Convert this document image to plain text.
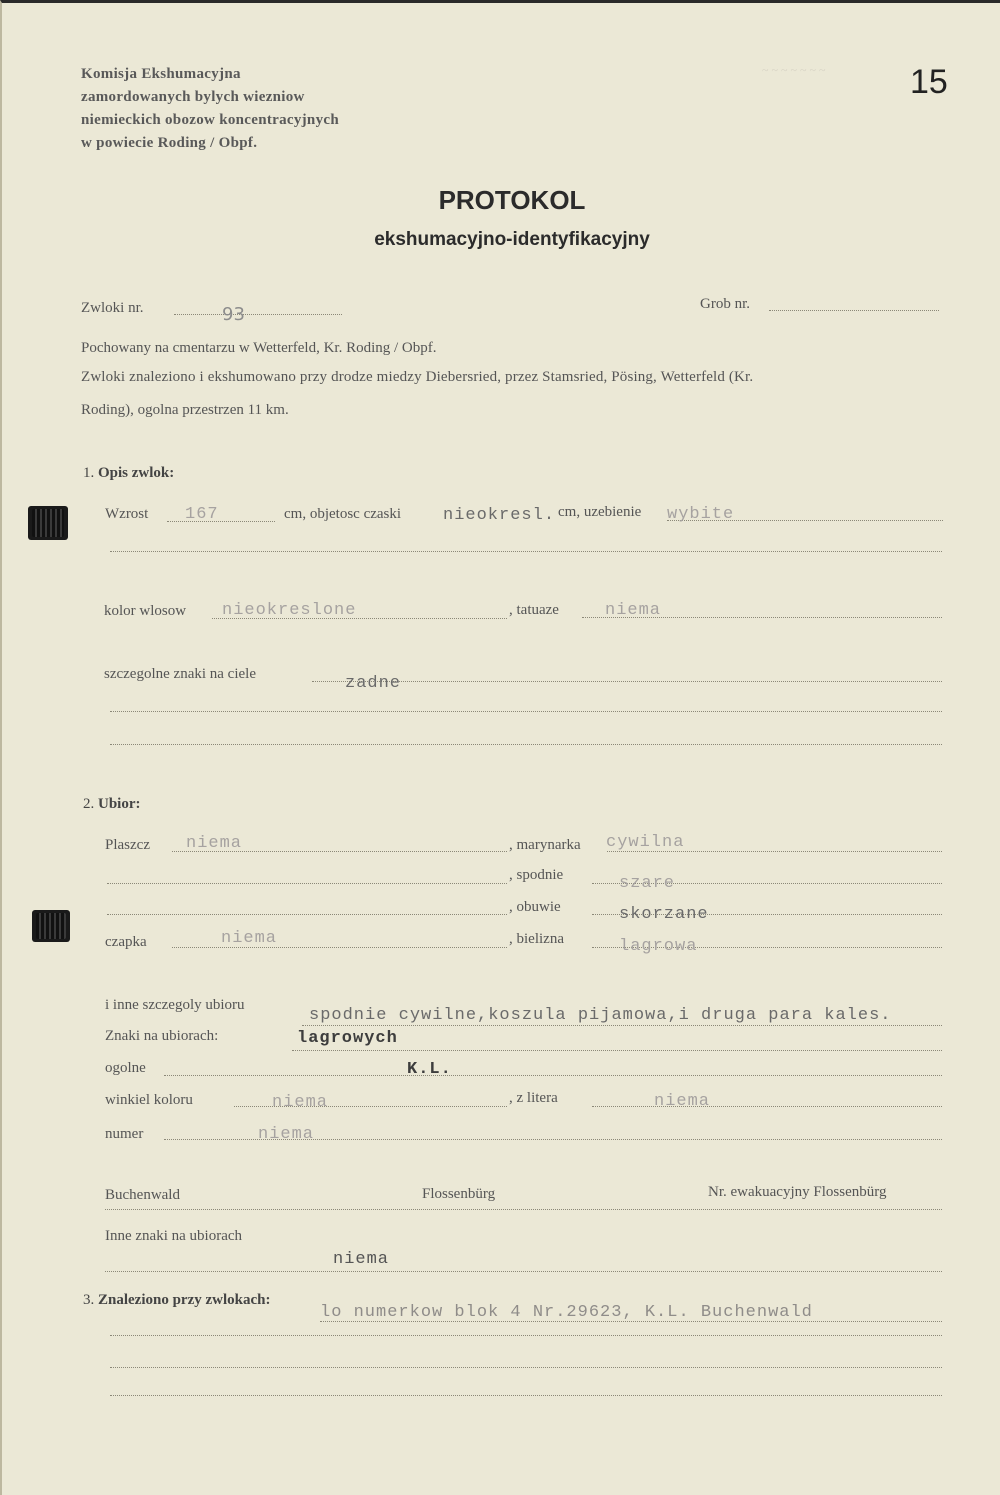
~ ~ ~ ~ ~ ~ ~
Komisja Ekshumacyjna
zamordowanych bylych wiezniow
niemieckich obozow koncentracyjnych
w powiecie Roding / Obpf.
15
PROTOKOL
ekshumacyjno-identyfikacyjny
Zwloki nr.	93	Grob nr.
Pochowany na cmentarzu w Wetterfeld, Kr. Roding / Obpf.
Zwloki znaleziono i ekshumowano przy drodze miedzy Diebersried, przez Stamsried, Pösing, Wetterfeld (Kr.
Roding), ogolna przestrzen 11 km.
1. Opis zwlok:
Wzrost 167	cm, objetosc czaski nieokresl. cm, uzebienie wybite
kolor wlosow nieokreslone	, tatuaze	niema
szczegolne znaki na ciele	zadne
2. Ubior:
Plaszcz niema	, marynarka cywilna
, spodnie	szare
, obuwie	skorzane
czapka	niema	, bielizna	lagrowa
i inne szczegoly ubioru
spodnie cywilne,koszula pijamowa,i druga para kales.
Znaki na ubiorach:	lagrowych
ogolne	K.L.
winkiel koloru	niema	, z litera	niema
numer	niema
Buchenwald	Flossenbürg	Nr. ewakuacyjny Flossenbürg
Inne znaki na ubiorach
niema
3. Znaleziono przy zwlokach:
lo numerkow blok 4 Nr.29623, K.L. Buchenwald
